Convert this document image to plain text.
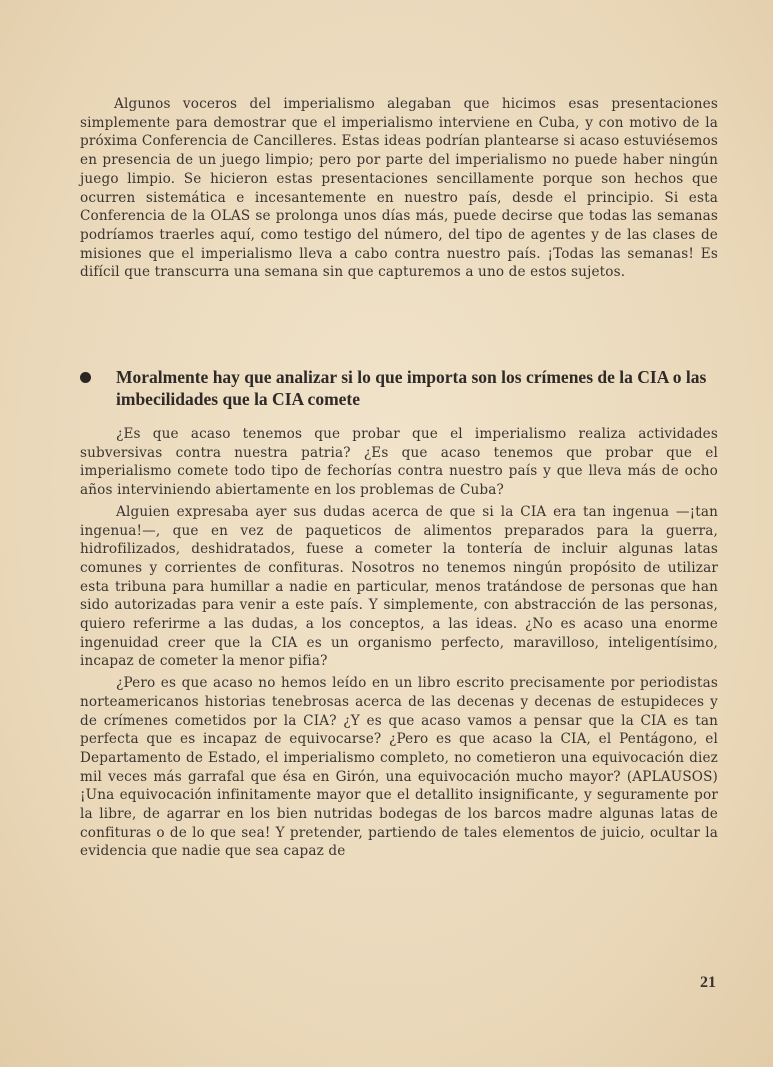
Algunos voceros del imperialismo alegaban que hicimos esas presentaciones simplemente para demostrar que el imperialismo interviene en Cuba, y con motivo de la próxima Conferencia de Cancilleres. Estas ideas podrían plantearse si acaso estuviésemos en presencia de un juego limpio; pero por parte del imperialismo no puede haber ningún juego limpio. Se hicieron estas presentaciones sencillamente porque son hechos que ocurren sistemática e incesantemente en nuestro país, desde el principio. Si esta Conferencia de la OLAS se prolonga unos días más, puede decirse que todas las semanas podríamos traerles aquí, como testigo del número, del tipo de agentes y de las clases de misiones que el imperialismo lleva a cabo contra nuestro país. ¡Todas las semanas! Es difícil que transcurra una semana sin que capturemos a uno de estos sujetos.
Moralmente hay que analizar si lo que importa son los crímenes de la CIA o las imbecilidades que la CIA comete

¿Es que acaso tenemos que probar que el imperialismo realiza actividades subversivas contra nuestra patria? ¿Es que acaso tenemos que probar que el imperialismo comete todo tipo de fechorías contra nuestro país y que lleva más de ocho años interviniendo abiertamente en los problemas de Cuba?

Alguien expresaba ayer sus dudas acerca de que si la CIA era tan ingenua —¡tan ingenua!—, que en vez de paqueticos de alimentos preparados para la guerra, hidrofilizados, deshidratados, fuese a cometer la tontería de incluir algunas latas comunes y corrientes de confituras. Nosotros no tenemos ningún propósito de utilizar esta tribuna para humillar a nadie en particular, menos tratándose de personas que han sido autorizadas para venir a este país. Y simplemente, con abstracción de las personas, quiero referirme a las dudas, a los conceptos, a las ideas. ¿No es acaso una enorme ingenuidad creer que la CIA es un organismo perfecto, maravilloso, inteligentísimo, incapaz de cometer la menor pifia?

¿Pero es que acaso no hemos leído en un libro escrito precisamente por periodistas norteamericanos historias tenebrosas acerca de las decenas y decenas de estupideces y de crímenes cometidos por la CIA? ¿Y es que acaso vamos a pensar que la CIA es tan perfecta que es incapaz de equivocarse? ¿Pero es que acaso la CIA, el Pentágono, el Departamento de Estado, el imperialismo completo, no cometieron una equivocación diez mil veces más garrafal que ésa en Girón, una equivocación mucho mayor? (APLAUSOS) ¡Una equivocación infinitamente mayor que el detallito insignificante, y seguramente por la libre, de agarrar en los bien nutridas bodegas de los barcos madre algunas latas de confituras o de lo que sea! Y pretender, partiendo de tales elementos de juicio, ocultar la evidencia que nadie que sea capaz de

21
